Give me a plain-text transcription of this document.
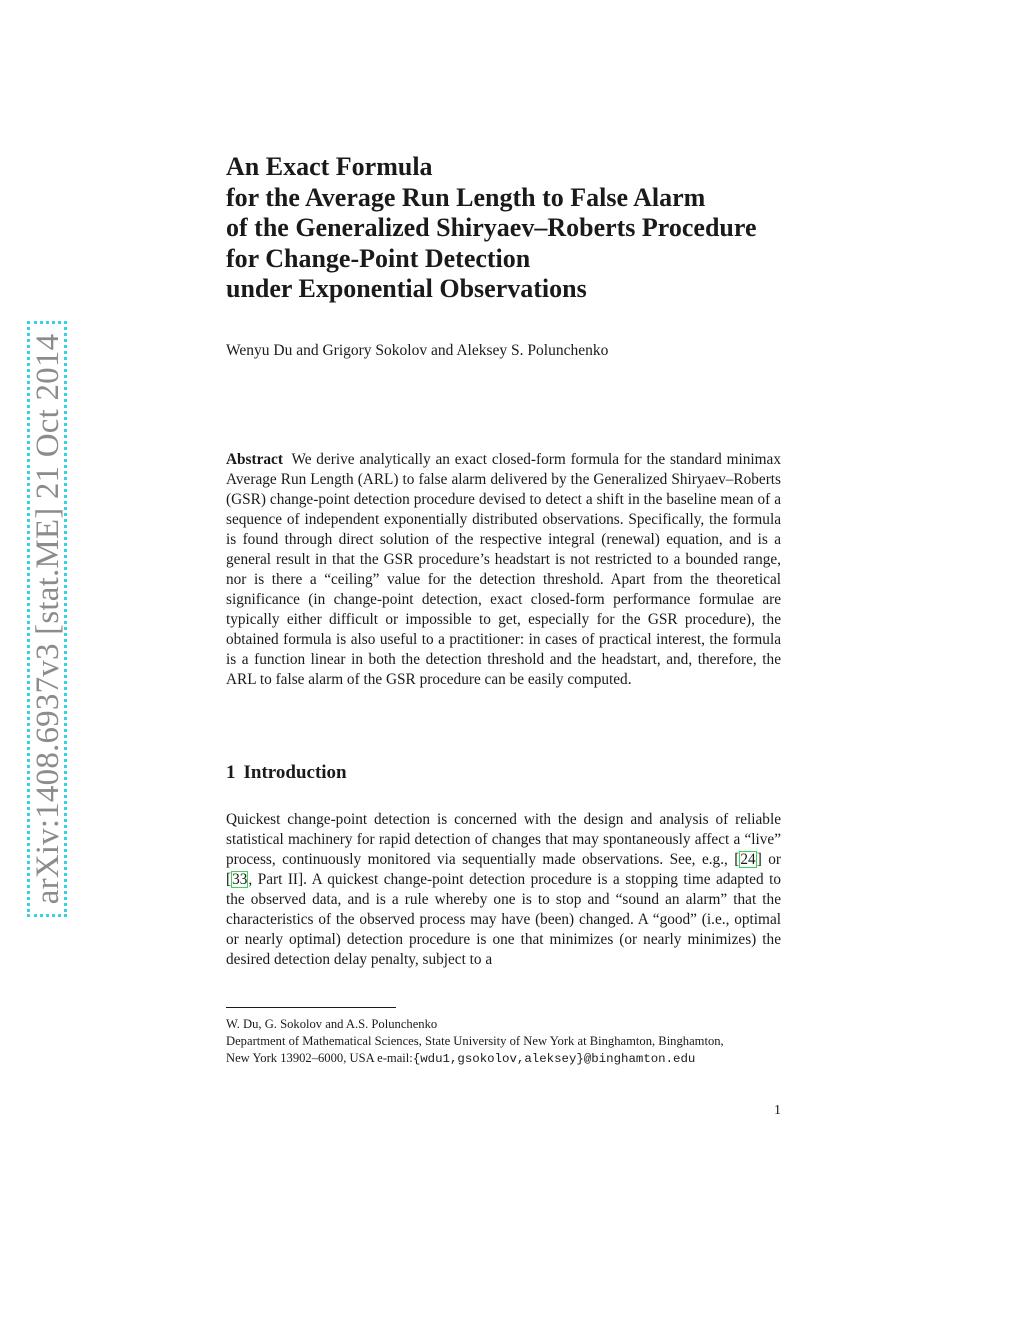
arXiv:1408.6937v3 [stat.ME] 21 Oct 2014
An Exact Formula
for the Average Run Length to False Alarm
of the Generalized Shiryaev–Roberts Procedure
for Change-Point Detection
under Exponential Observations
Wenyu Du and Grigory Sokolov and Aleksey S. Polunchenko

Abstract We derive analytically an exact closed-form formula for the standard minimax Average Run Length (ARL) to false alarm delivered by the Generalized Shiryaev–Roberts (GSR) change-point detection procedure devised to detect a shift in the baseline mean of a sequence of independent exponentially distributed observations. Specifically, the formula is found through direct solution of the respective integral (renewal) equation, and is a general result in that the GSR procedure’s headstart is not restricted to a bounded range, nor is there a “ceiling” value for the detection threshold. Apart from the theoretical significance (in change-point detection, exact closed-form performance formulae are typically either difficult or impossible to get, especially for the GSR procedure), the obtained formula is also useful to a practitioner: in cases of practical interest, the formula is a function linear in both the detection threshold and the headstart, and, therefore, the ARL to false alarm of the GSR procedure can be easily computed.

1 Introduction

Quickest change-point detection is concerned with the design and analysis of reliable statistical machinery for rapid detection of changes that may spontaneously affect a “live” process, continuously monitored via sequentially made observations. See, e.g., [24] or [33, Part II]. A quickest change-point detection procedure is a stopping time adapted to the observed data, and is a rule whereby one is to stop and “sound an alarm” that the characteristics of the observed process may have (been) changed. A “good” (i.e., optimal or nearly optimal) detection procedure is one that minimizes (or nearly minimizes) the desired detection delay penalty, subject to a

W. Du, G. Sokolov and A.S. Polunchenko
Department of Mathematical Sciences, State University of New York at Binghamton, Binghamton,
New York 13902–6000, USA e-mail:{wdu1,gsokolov,aleksey}@binghamton.edu
1
